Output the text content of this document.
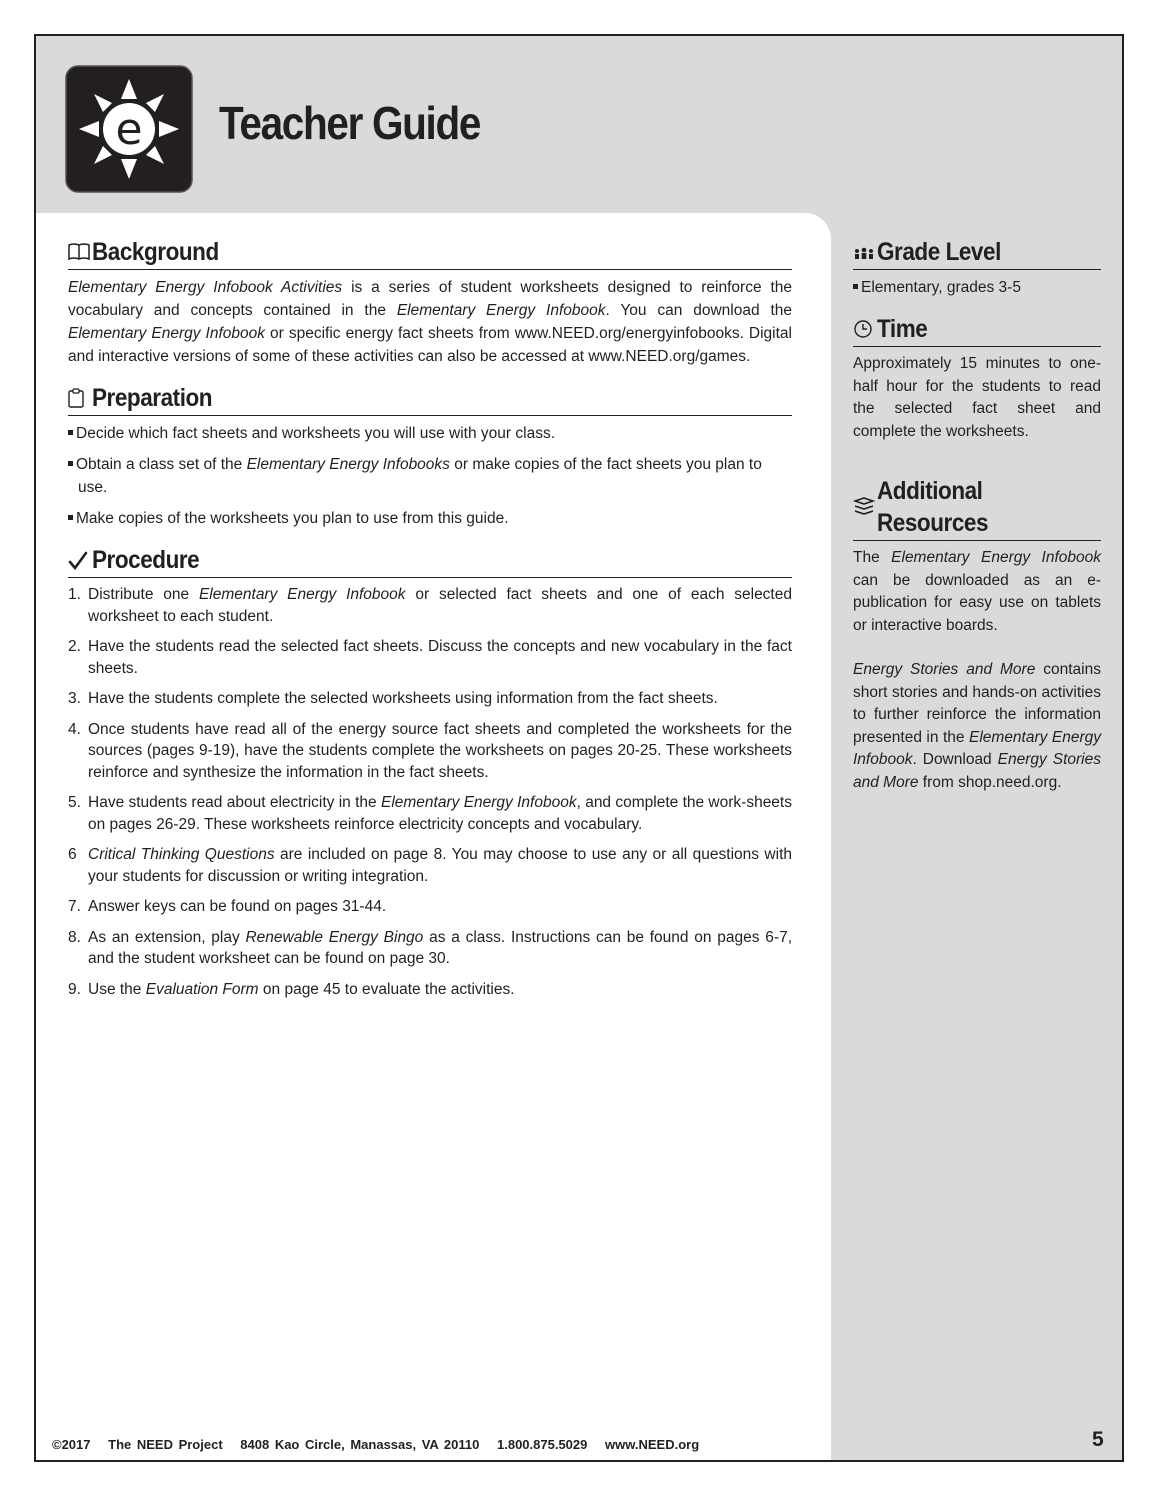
e Teacher Guide
Background

Elementary Energy Infobook Activities is a series of student worksheets designed to reinforce the vocabulary and concepts contained in the Elementary Energy Infobook. You can download the Elementary Energy Infobook or specific energy fact sheets from www.NEED.org/energyinfobooks. Digital and interactive versions of some of these activities can also be accessed at www.NEED.org/games.

Preparation
Decide which fact sheets and worksheets you will use with your class.
Obtain a class set of the Elementary Energy Infobooks or make copies of the fact sheets you plan to use.
Make copies of the worksheets you plan to use from this guide.
Procedure
1. Distribute one Elementary Energy Infobook or selected fact sheets and one of each selected worksheet to each student.
2. Have the students read the selected fact sheets. Discuss the concepts and new vocabulary in the fact sheets.
3. Have the students complete the selected worksheets using information from the fact sheets.
4. Once students have read all of the energy source fact sheets and completed the worksheets for the sources (pages 9-19), have the students complete the worksheets on pages 20-25. These worksheets reinforce and synthesize the information in the fact sheets.
5. Have students read about electricity in the Elementary Energy Infobook, and complete the work-sheets on pages 26-29. These worksheets reinforce electricity concepts and vocabulary.
6 Critical Thinking Questions are included on page 8. You may choose to use any or all questions with your students for discussion or writing integration.
7. Answer keys can be found on pages 31-44.
8. As an extension, play Renewable Energy Bingo as a class. Instructions can be found on pages 6-7, and the student worksheet can be found on page 30.
9. Use the Evaluation Form on page 45 to evaluate the activities.
Grade Level
Elementary, grades 3-5
Time

Approximately 15 minutes to one-half hour for the students to read the selected fact sheet and complete the worksheets.

Additional Resources

The Elementary Energy Infobook can be downloaded as an e-publication for easy use on tablets or interactive boards.

Energy Stories and More contains short stories and hands-on activities to further reinforce the information presented in the Elementary Energy Infobook. Download Energy Stories and More from shop.need.org.

©2017 The NEED Project 8408 Kao Circle, Manassas, VA 20110 1.800.875.5029 www.NEED.org	5
